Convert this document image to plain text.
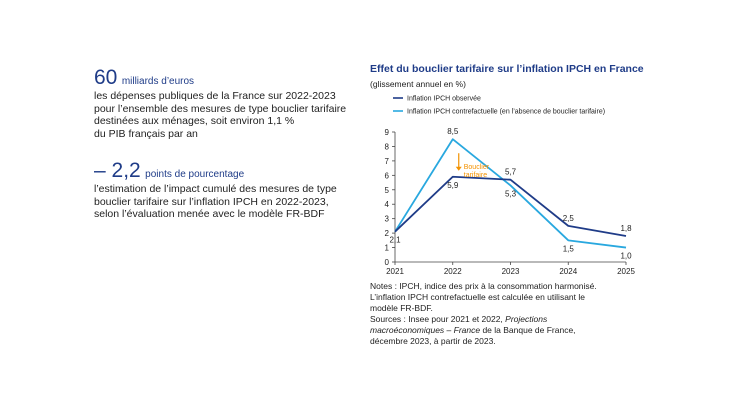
60 milliards d’euros
les dépenses publiques de la France sur 2022-2023
pour l’ensemble des mesures de type bouclier tarifaire
destinées aux ménages, soit environ 1,1 %
du PIB français par an
– 2,2 points de pourcentage
l’estimation de l’impact cumulé des mesures de type
bouclier tarifaire sur l’inflation IPCH en 2022-2023,
selon l’évaluation menée avec le modèle FR-BDF
Effet du bouclier tarifaire sur l’inflation IPCH en France
(glissement annuel en %)
Inflation IPCH observée
Inflation IPCH contrefactuelle (en l’absence de bouclier tarifaire)
0
1
2
3
4
5
6
7
8
9
2021	2022	2023	2024	2025
2,1
5,9
5,7
2,5
1,8
8,5
5,3
1,5
1,0
Bouclier
tarifaire

Notes : IPCH, indice des prix à la consommation harmonisé.

L’inflation IPCH contrefactuelle est calculée en utilisant le

modèle FR-BDF.

Sources : Insee pour 2021 et 2022, Projections

macroéconomiques – France de la Banque de France,

décembre 2023, à partir de 2023.
